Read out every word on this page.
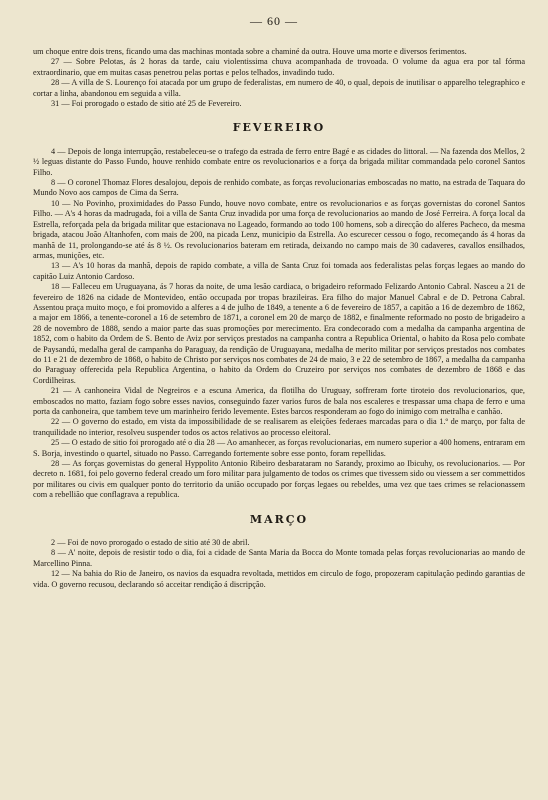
— 60 —

um choque entre dois trens, ficando uma das machinas montada sobre a chaminé da outra. Houve uma morte e diversos ferimentos.

27 — Sobre Pelotas, ás 2 horas da tarde, caiu violentissima chuva acompanhada de trovoada. O volume da agua era por tal fórma extraordinario, que em muitas casas penetrou pelas portas e pelos telhados, invadindo tudo.

28 — A villa de S. Lourenço foi atacada por um grupo de federalistas, em numero de 40, o qual, depois de inutilisar o apparelho telegraphico e cortar a linha, abandonou em seguida a villa.

31 — Foi prorogado o estado de sitio até 25 de Fevereiro.

FEVEREIRO

4 — Depois de longa interrupção, restabeleceu-se o trafego da estrada de ferro entre Bagé e as cidades do littoral. — Na fazenda dos Mellos, 2 ½ leguas distante do Passo Fundo, houve renhido combate entre os revolucionarios e a força da brigada militar commandada pelo coronel Santos Filho.

8 — O coronel Thomaz Flores desalojou, depois de renhido combate, as forças revolucionarias emboscadas no matto, na estrada de Taquara do Mundo Novo aos campos de Cima da Serra.

10 — No Povinho, proximidades do Passo Fundo, houve novo combate, entre os revolucionarios e as forças governistas do coronel Santos Filho. — A's 4 horas da madrugada, foi a villa de Santa Cruz invadida por uma força de revolucionarios ao mando de José Ferreira. A força local da Estrella, reforçada pela da brigada militar que estacionava no Lageado, formando ao todo 100 homens, sob a direcção do alferes Pacheco, da mesma brigada, atacou João Altanhofen, com mais de 200, na picada Lenz, municipio da Estrella. Ao escurecer cessou o fogo, recomeçando ás 4 horas da manhã de 11, prolongando-se até ás 8 ½. Os revolucionarios bateram em retirada, deixando no campo mais de 30 cadaveres, cavallos ensilhados, armas, munições, etc.

13 — A's 10 horas da manhã, depois de rapido combate, a villa de Santa Cruz foi tomada aos federalistas pelas forças legaes ao mando do capitão Luiz Antonio Cardoso.

18 — Falleceu em Uruguayana, ás 7 horas da noite, de uma lesão cardiaca, o brigadeiro reformado Felizardo Antonio Cabral. Nasceu a 21 de fevereiro de 1826 na cidade de Montevideo, então occupada por tropas brazileiras. Era filho do major Manuel Cabral e de D. Petrona Cabral. Assentou praça muito moço, e foi promovido a alferes a 4 de julho de 1849, a tenente a 6 de fevereiro de 1857, a capitão a 16 de dezembro de 1862, a major em 1866, a tenente-coronel a 16 de setembro de 1871, a coronel em 20 de março de 1882, e finalmente reformado no posto de brigadeiro a 28 de novembro de 1888, sendo a maior parte das suas promoções por merecimento. Era condecorado com a medalha da campanha argentina de 1852, com o habito da Ordem de S. Bento de Aviz por serviços prestados na campanha contra a Republica Oriental, o habito da Rosa pelo combate de Paysandú, medalha geral de campanha do Paraguay, da rendição de Uruguayana, medalha de merito militar por serviços prestados nos combates do 11 e 21 de dezembro de 1868, o habito de Christo por serviços nos combates de 24 de maio, 3 e 22 de setembro de 1867, a medalha da campanha do Paraguay offerecida pela Republica Argentina, o habito da Ordem do Cruzeiro por serviços nos combates de dezembro de 1868 e das Cordilheiras.

21 — A canhoneira Vidal de Negreiros e a escuna America, da flotilha do Uruguay, soffreram forte tiroteio dos revolucionarios, que, emboscados no matto, faziam fogo sobre esses navios, conseguindo fazer varios furos de bala nos escaleres e trespassar uma chapa de ferro e uma porta da canhoneira, que tambem teve um marinheiro ferido levemente. Estes barcos responderam ao fogo do inimigo com metralha e canhão.

22 — O governo do estado, em vista da impossibilidade de se realisarem as eleições federaes marcadas para o dia 1.º de março, por falta de tranquilidade no interior, resolveu suspender todos os actos relativos ao processo eleitoral.

25 — O estado de sitio foi prorogado até o dia 28 — Ao amanhecer, as forças revolucionarias, em numero superior a 400 homens, entraram em S. Borja, investindo o quartel, situado no Passo. Carregando fortemente sobre esse ponto, foram repellidas.

28 — As forças governistas do general Hyppolito Antonio Ribeiro desbarataram no Sarandy, proximo ao Ibicuhy, os revolucionarios. — Por decreto n. 1681, foi pelo governo federal creado um foro militar para julgamento de todos os crimes que tivessem sido ou viessem a ser commettidos por militares ou civis em qualquer ponto do territorio da união occupado por forças legaes ou rebeldes, uma vez que taes crimes se relacionassem com a rebellião que conflagrava a republica.

MARÇO

2 — Foi de novo prorogado o estado de sitio até 30 de abril.

8 — A' noite, depois de resistir todo o dia, foi a cidade de Santa Maria da Bocca do Monte tomada pelas forças revolucionarias ao mando de Marcellino Pinna.

12 — Na bahia do Rio de Janeiro, os navios da esquadra revoltada, mettidos em circulo de fogo, propozeram capitulação pedindo garantias de vida. O governo recusou, declarando só acceitar rendição á discripção.
